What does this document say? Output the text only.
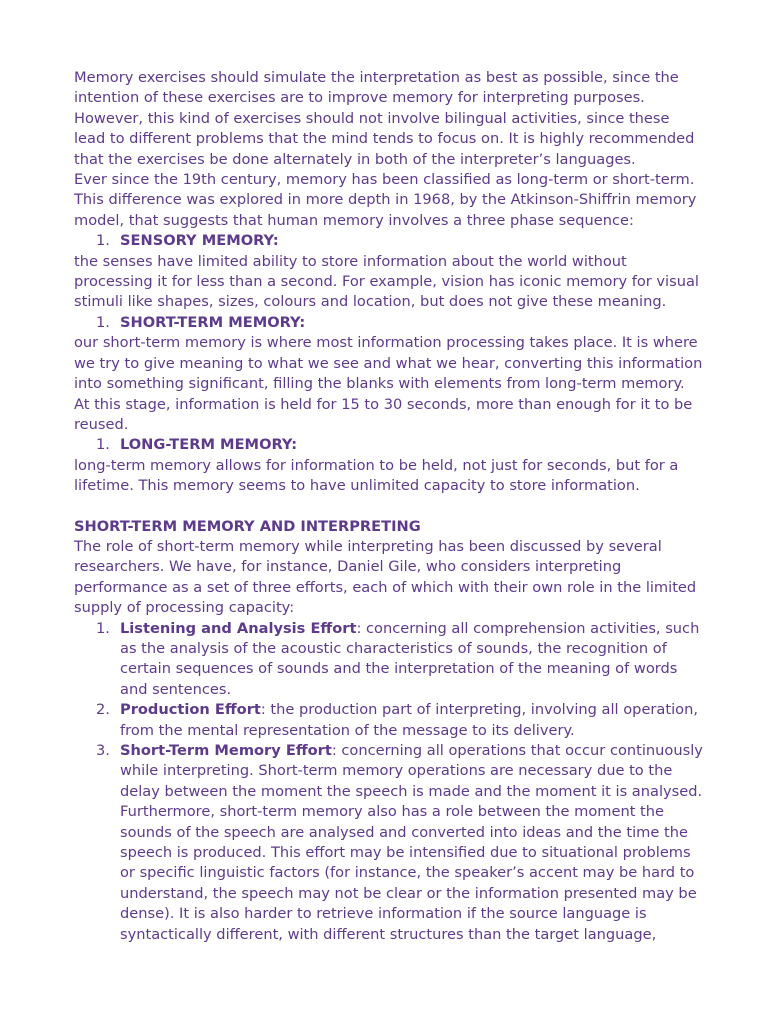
Memory exercises should simulate the interpretation as best as possible, since the intention of these exercises are to improve memory for interpreting purposes. However, this kind of exercises should not involve bilingual activities, since these lead to different problems that the mind tends to focus on. It is highly recommended that the exercises be done alternately in both of the interpreter’s languages.

Ever since the 19th century, memory has been classified as long-term or short-term. This difference was explored in more depth in 1968, by the Atkinson-Shiffrin memory model, that suggests that human memory involves a three phase sequence:

1. SENSORY MEMORY:

the senses have limited ability to store information about the world without processing it for less than a second. For example, vision has iconic memory for visual stimuli like shapes, sizes, colours and location, but does not give these meaning.

1. SHORT-TERM MEMORY:

our short-term memory is where most information processing takes place. It is where we try to give meaning to what we see and what we hear, converting this information into something significant, filling the blanks with elements from long-term memory. At this stage, information is held for 15 to 30 seconds, more than enough for it to be reused.

1. LONG-TERM MEMORY:

long-term memory allows for information to be held, not just for seconds, but for a lifetime. This memory seems to have unlimited capacity to store information.

SHORT-TERM MEMORY AND INTERPRETING

The role of short-term memory while interpreting has been discussed by several researchers. We have, for instance, Daniel Gile, who considers interpreting performance as a set of three efforts, each of which with their own role in the limited supply of processing capacity:

1. Listening and Analysis Effort: concerning all comprehension activities, such as the analysis of the acoustic characteristics of sounds, the recognition of certain sequences of sounds and the interpretation of the meaning of words and sentences.
2. Production Effort: the production part of interpreting, involving all operation, from the mental representation of the message to its delivery.
3. Short-Term Memory Effort: concerning all operations that occur continuously while interpreting. Short-term memory operations are necessary due to the delay between the moment the speech is made and the moment it is analysed. Furthermore, short-term memory also has a role between the moment the sounds of the speech are analysed and converted into ideas and the time the speech is produced. This effort may be intensified due to situational problems or specific linguistic factors (for instance, the speaker’s accent may be hard to understand, the speech may not be clear or the information presented may be dense). It is also harder to retrieve information if the source language is syntactically different, with different structures than the target language,
